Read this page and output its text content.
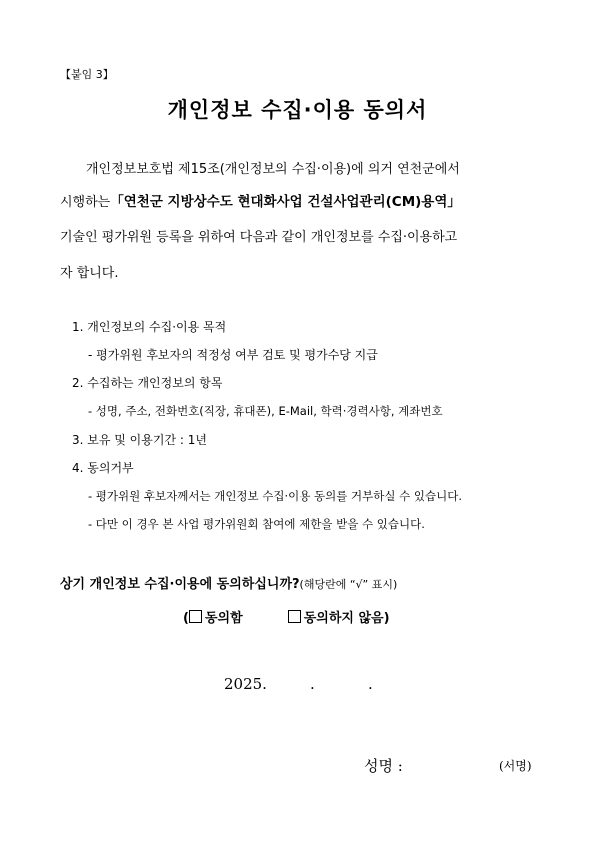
【붙임 3】
개인정보 수집·이용 동의서
개인정보보호법 제15조(개인정보의 수집·이용)에 의거 연천군에서
시행하는「연천군 지방상수도 현대화사업 건설사업관리(CM)용역」
기술인 평가위원 등록을 위하여 다음과 같이 개인정보를 수집·이용하고
자 합니다.
1. 개인정보의 수집·이용 목적
- 평가위원 후보자의 적정성 여부 검토 및 평가수당 지급
2. 수집하는 개인정보의 항목
- 성명, 주소, 전화번호(직장, 휴대폰), E-Mail, 학력·경력사항, 계좌번호
3. 보유 및 이용기간 : 1년
4. 동의거부
- 평가위원 후보자께서는 개인정보 수집·이용 동의를 거부하실 수 있습니다.
- 다만 이 경우 본 사업 평가위원회 참여에 제한을 받을 수 있습니다.
상기 개인정보 수집·이용에 동의하십니까?(해당란에 “√” 표시)
( 동의함	동의하지 않음)
2025.	.	.
성명 :	(서명)
